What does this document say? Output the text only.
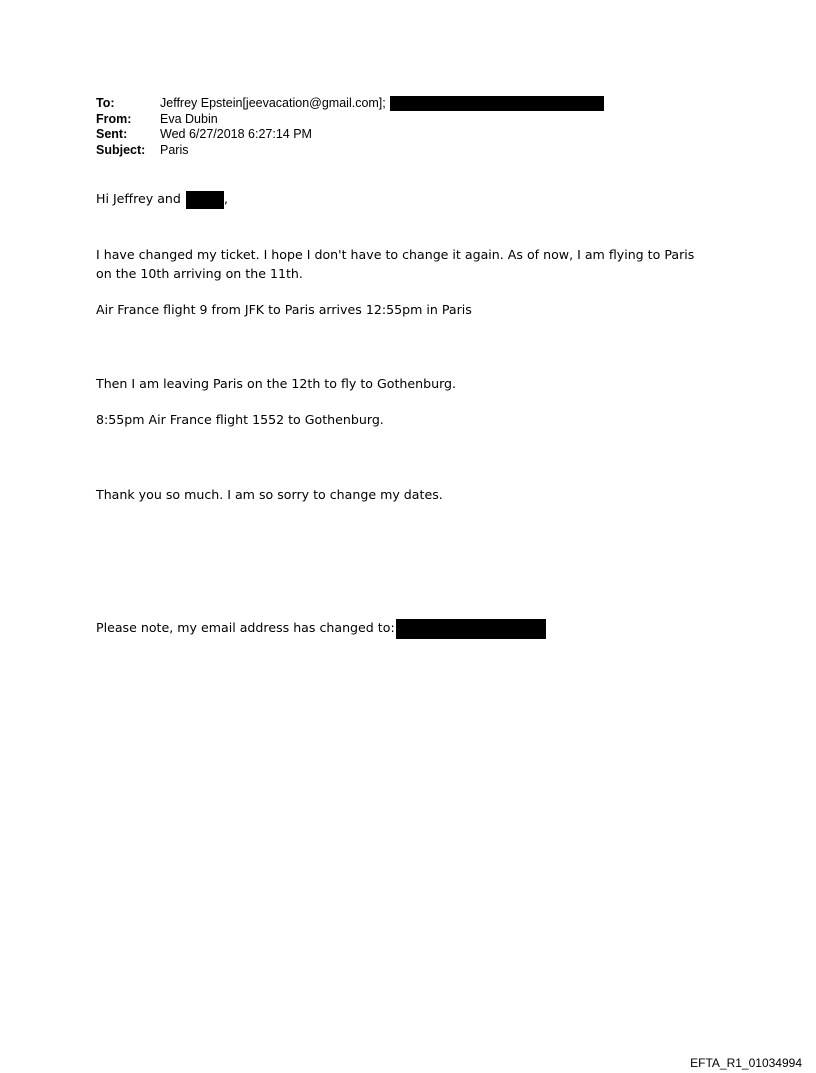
To:	Jeffrey Epstein[jeevacation@gmail.com];
From:	Eva Dubin
Sent:	Wed 6/27/2018 6:27:14 PM
Subject:	Paris
Hi Jeffrey and	,
I have changed my ticket. I hope I don't have to change it again. As of now, I am flying to Paris
on the 10th arriving on the 11th.
Air France flight 9 from JFK to Paris arrives 12:55pm in Paris
Then I am leaving Paris on the 12th to fly to Gothenburg.
8:55pm Air France flight 1552 to Gothenburg.
Thank you so much. I am so sorry to change my dates.
Please note, my email address has changed to:
EFTA_R1_01034994
